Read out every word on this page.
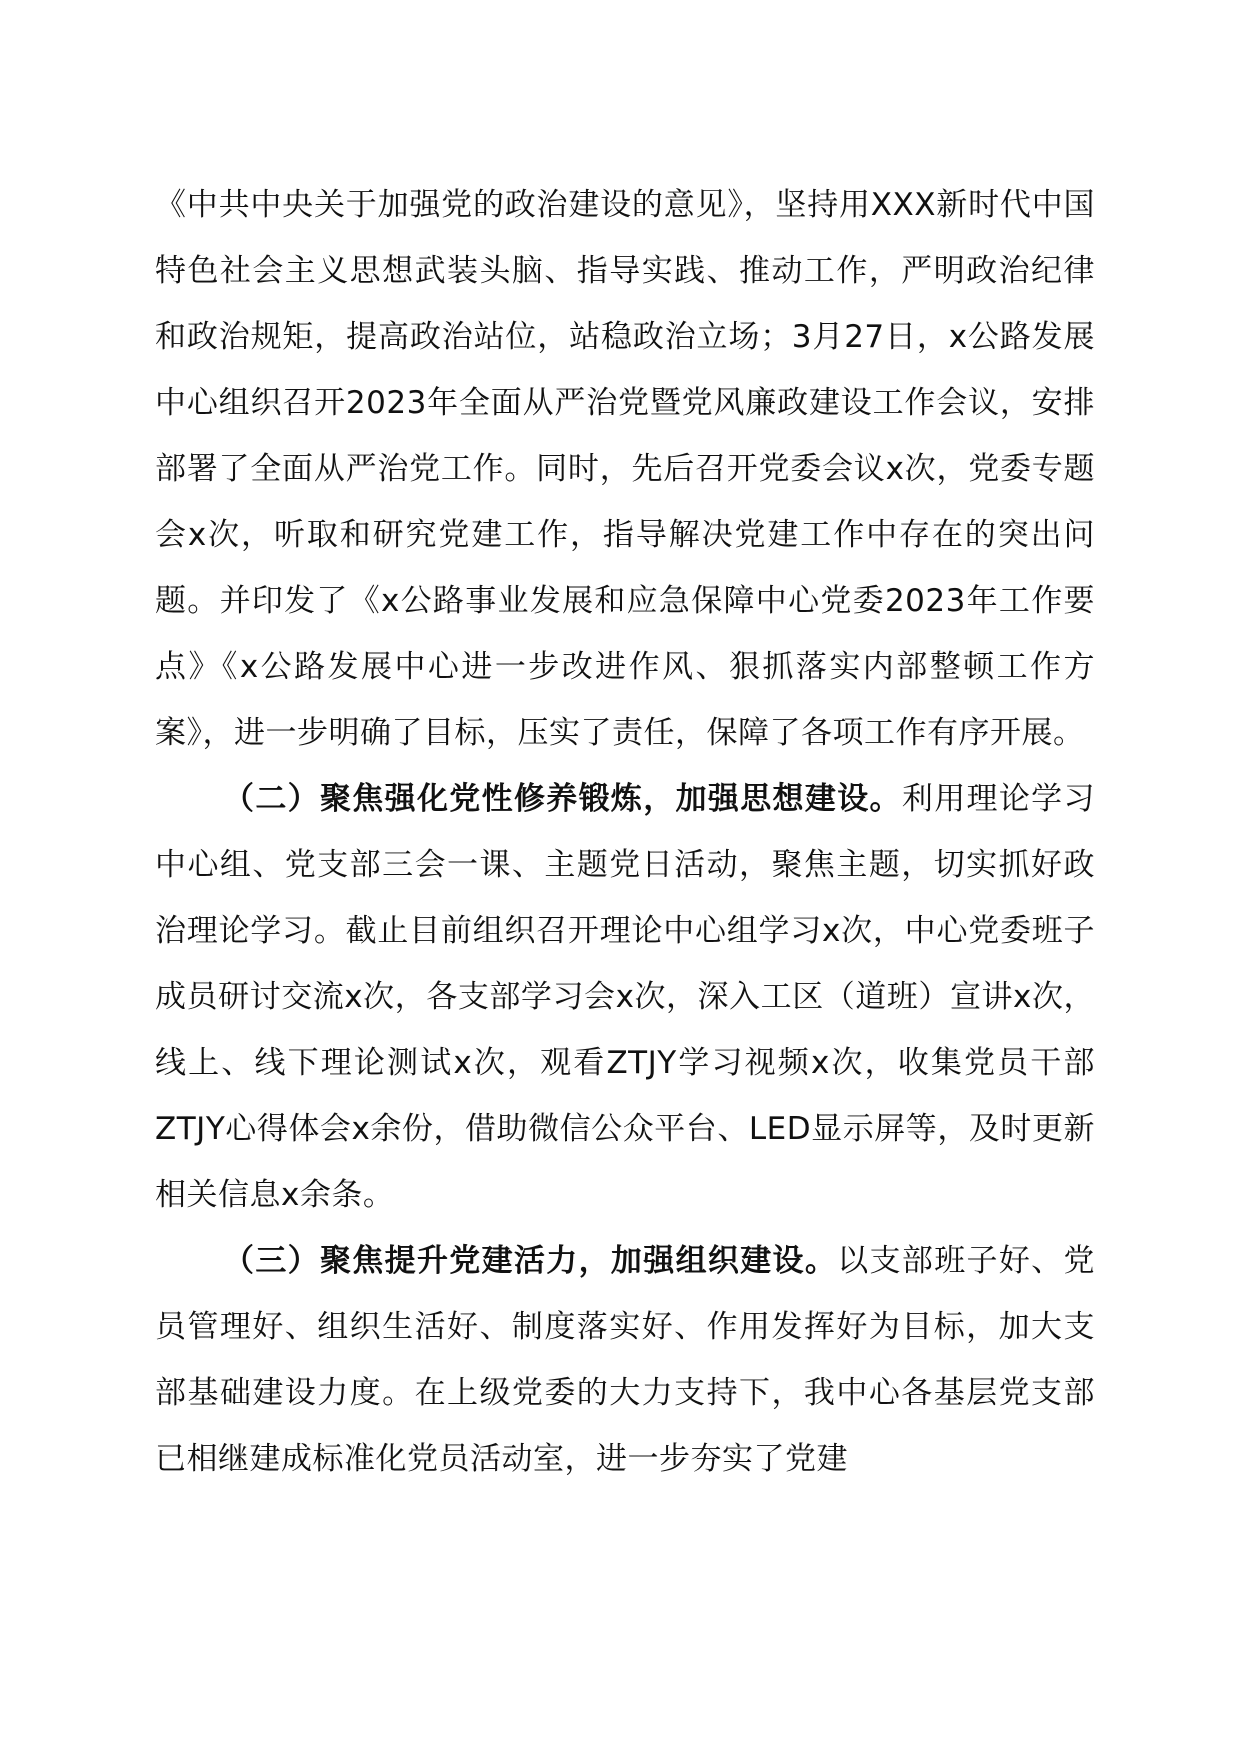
《中共中央关于加强党的政治建设的意见》，坚持用XXX新时代中国特色社会主义思想武装头脑、指导实践、推动工作，严明政治纪律和政治规矩，提高政治站位，站稳政治立场；3月27日，x公路发展中心组织召开2023年全面从严治党暨党风廉政建设工作会议，安排部署了全面从严治党工作。同时，先后召开党委会议x次，党委专题会x次，听取和研究党建工作，指导解决党建工作中存在的突出问题。并印发了《x公路事业发展和应急保障中心党委2023年工作要点》《x公路发展中心进一步改进作风、狠抓落实内部整顿工作方案》，进一步明确了目标，压实了责任，保障了各项工作有序开展。

（二）聚焦强化党性修养锻炼，加强思想建设。利用理论学习中心组、党支部三会一课、主题党日活动，聚焦主题，切实抓好政治理论学习。截止目前组织召开理论中心组学习x次，中心党委班子成员研讨交流x次，各支部学习会x次，深入工区（道班）宣讲x次，线上、线下理论测试x次，观看ZTJY学习视频x次，收集党员干部ZTJY心得体会x余份，借助微信公众平台、LED显示屏等，及时更新相关信息x余条。

（三）聚焦提升党建活力，加强组织建设。以支部班子好、党员管理好、组织生活好、制度落实好、作用发挥好为目标，加大支部基础建设力度。在上级党委的大力支持下，我中心各基层党支部已相继建成标准化党员活动室，进一步夯实了党建
